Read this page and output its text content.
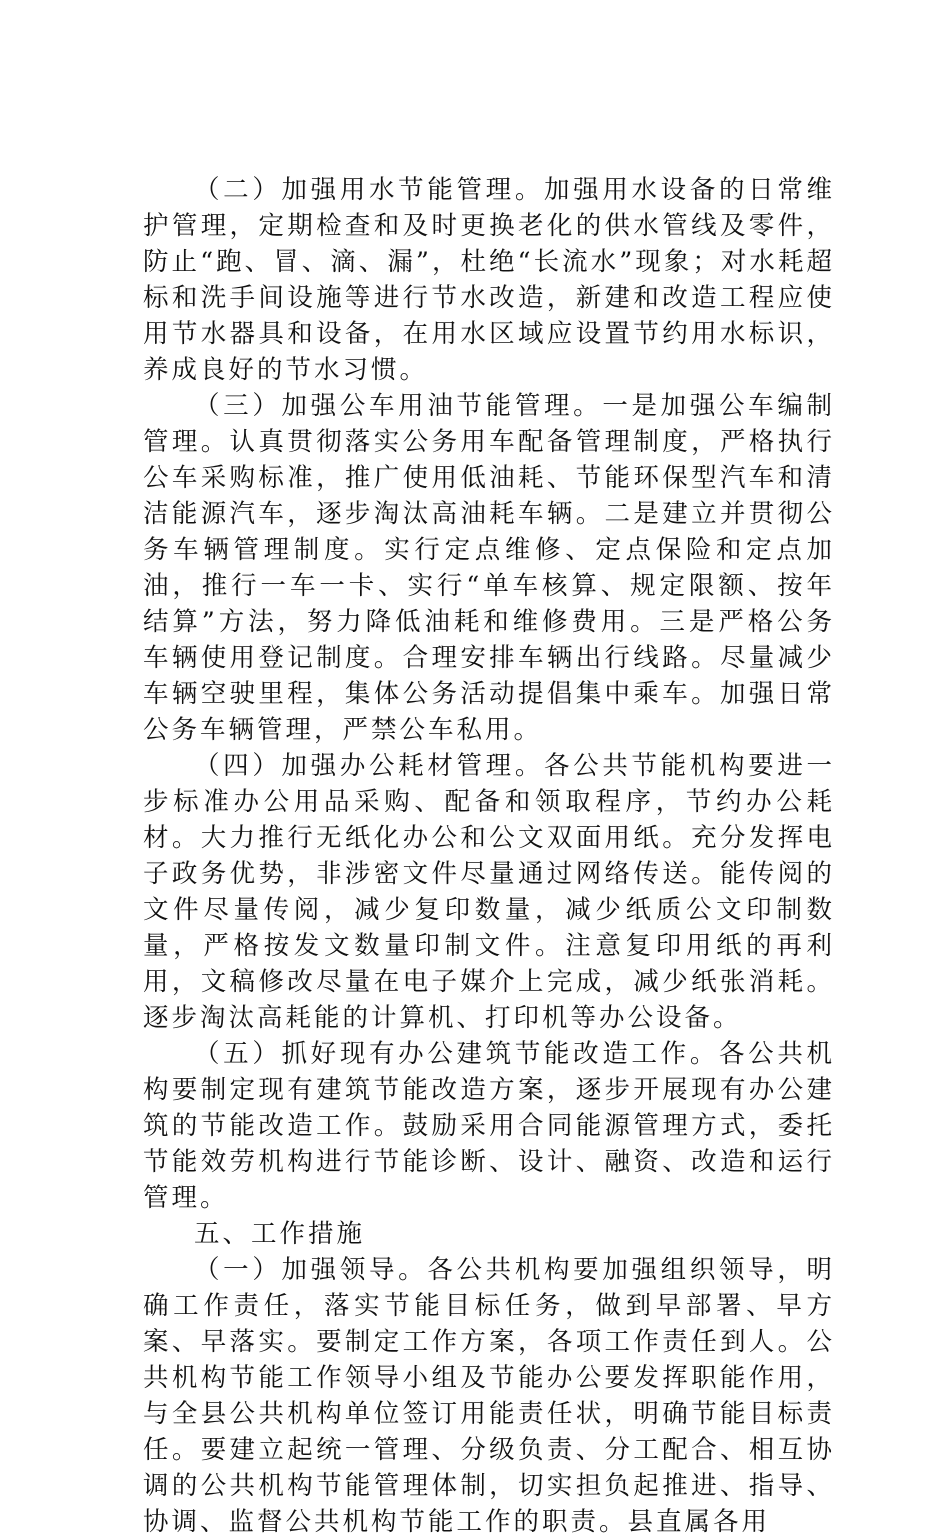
（二）加强用水节能管理。加强用水设备的日常维护管理，定期检查和及时更换老化的供水管线及零件，防止“跑、冒、滴、漏”，杜绝“长流水”现象；对水耗超标和洗手间设施等进行节水改造，新建和改造工程应使用节水器具和设备，在用水区域应设置节约用水标识，养成良好的节水习惯。

（三）加强公车用油节能管理。一是加强公车编制管理。认真贯彻落实公务用车配备管理制度，严格执行公车采购标准，推广使用低油耗、节能环保型汽车和清洁能源汽车，逐步淘汰高油耗车辆。二是建立并贯彻公务车辆管理制度。实行定点维修、定点保险和定点加油，推行一车一卡、实行“单车核算、规定限额、按年结算”方法，努力降低油耗和维修费用。三是严格公务车辆使用登记制度。合理安排车辆出行线路。尽量减少车辆空驶里程，集体公务活动提倡集中乘车。加强日常公务车辆管理，严禁公车私用。

（四）加强办公耗材管理。各公共节能机构要进一步标准办公用品采购、配备和领取程序，节约办公耗材。大力推行无纸化办公和公文双面用纸。充分发挥电子政务优势，非涉密文件尽量通过网络传送。能传阅的文件尽量传阅，减少复印数量，减少纸质公文印制数量，严格按发文数量印制文件。注意复印用纸的再利用，文稿修改尽量在电子媒介上完成，减少纸张消耗。逐步淘汰高耗能的计算机、打印机等办公设备。

（五）抓好现有办公建筑节能改造工作。各公共机构要制定现有建筑节能改造方案，逐步开展现有办公建筑的节能改造工作。鼓励采用合同能源管理方式，委托节能效劳机构进行节能诊断、设计、融资、改造和运行管理。

五、工作措施

（一）加强领导。各公共机构要加强组织领导，明确工作责任，落实节能目标任务，做到早部署、早方案、早落实。要制定工作方案，各项工作责任到人。公共机构节能工作领导小组及节能办公要发挥职能作用，与全县公共机构单位签订用能责任状，明确节能目标责任。要建立起统一管理、分级负责、分工配合、相互协调的公共机构节能管理体制，切实担负起推进、指导、协调、监督公共机构节能工作的职责。县直属各用
